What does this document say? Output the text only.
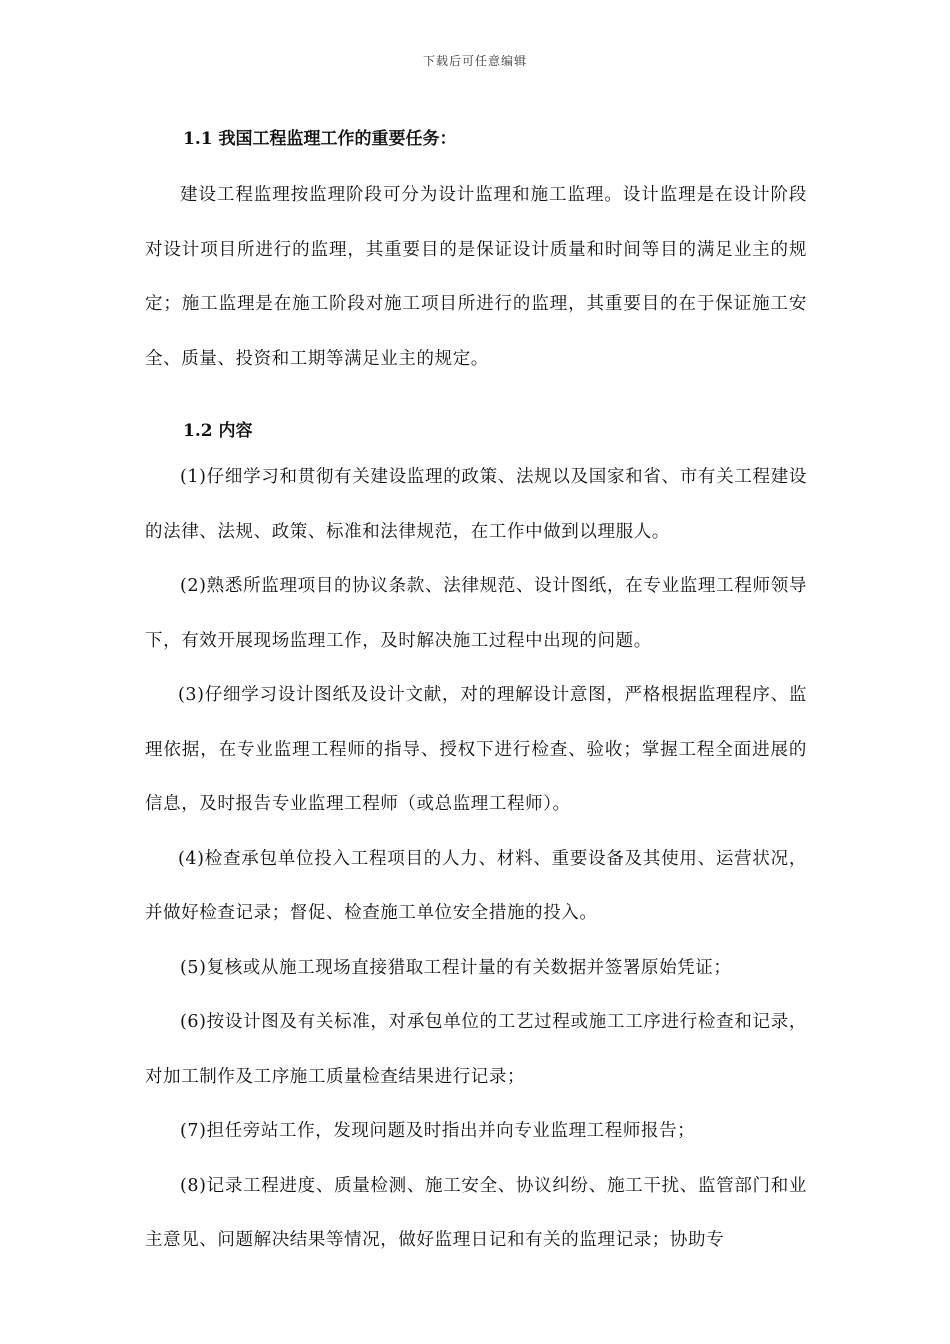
下载后可任意编辑
1.1 我国工程监理工作的重要任务：

建设工程监理按监理阶段可分为设计监理和施工监理。设计监理是在设计阶段对设计项目所进行的监理，其重要目的是保证设计质量和时间等目的满足业主的规定；施工监理是在施工阶段对施工项目所进行的监理，其重要目的在于保证施工安全、质量、投资和工期等满足业主的规定。

1.2 内容

(1)仔细学习和贯彻有关建设监理的政策、法规以及国家和省、市有关工程建设的法律、法规、政策、标准和法律规范，在工作中做到以理服人。

(2)熟悉所监理项目的协议条款、法律规范、设计图纸，在专业监理工程师领导下，有效开展现场监理工作，及时解决施工过程中出现的问题。

(3)仔细学习设计图纸及设计文献，对的理解设计意图，严格根据监理程序、监理依据，在专业监理工程师的指导、授权下进行检查、验收；掌握工程全面进展的信息，及时报告专业监理工程师（或总监理工程师）。

(4)检查承包单位投入工程项目的人力、材料、重要设备及其使用、运营状况，并做好检查记录；督促、检查施工单位安全措施的投入。

(5)复核或从施工现场直接猎取工程计量的有关数据并签署原始凭证；

(6)按设计图及有关标准，对承包单位的工艺过程或施工工序进行检查和记录，对加工制作及工序施工质量检查结果进行记录；

(7)担任旁站工作，发现问题及时指出并向专业监理工程师报告；

(8)记录工程进度、质量检测、施工安全、协议纠纷、施工干扰、监管部门和业主意见、问题解决结果等情况，做好监理日记和有关的监理记录；协助专
